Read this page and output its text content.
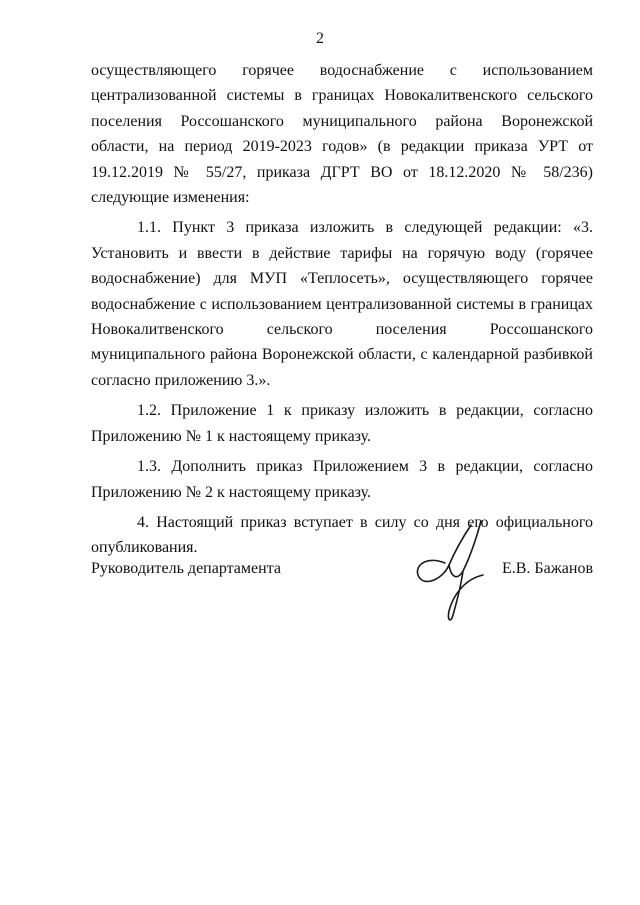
2

осуществляющего горячее водоснабжение с использованием централизованной системы в границах Новокалитвенского сельского поселения Россошанского муниципального района Воронежской области, на период 2019-2023 годов» (в редакции приказа УРТ от 19.12.2019 № 55/27, приказа ДГРТ ВО от 18.12.2020 № 58/236) следующие изменения:

1.1. Пункт 3 приказа изложить в следующей редакции: «3. Установить и ввести в действие тарифы на горячую воду (горячее водоснабжение) для МУП «Теплосеть», осуществляющего горячее водоснабжение с использованием централизованной системы в границах Новокалитвенского сельского поселения Россошанского муниципального района Воронежской области, с календарной разбивкой согласно приложению 3.».

1.2. Приложение 1 к приказу изложить в редакции, согласно Приложению № 1 к настоящему приказу.

1.3. Дополнить приказ Приложением 3 в редакции, согласно Приложению № 2 к настоящему приказу.

4. Настоящий приказ вступает в силу со дня его официального опубликования.

Руководитель департамента	Е.В. Бажанов
